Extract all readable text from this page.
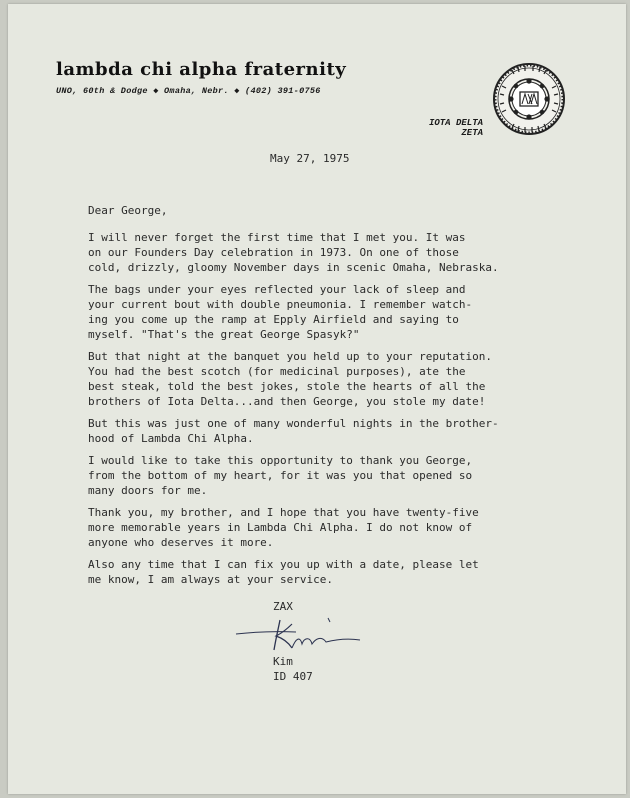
lambda chi alpha fraternity
UNO, 60th & Dodge ◆ Omaha, Nebr. ◆ (402) 391-0756
IOTA DELTA
ZETA
May 27, 1975
Dear George,
I will never forget the first time that I met you. It was
on our Founders Day celebration in 1973. On one of those
cold, drizzly, gloomy November days in scenic Omaha, Nebraska.
The bags under your eyes reflected your lack of sleep and
your current bout with double pneumonia. I remember watch-
ing you come up the ramp at Epply Airfield and saying to
myself. "That's the great George Spasyk?"
But that night at the banquet you held up to your reputation.
You had the best scotch (for medicinal purposes), ate the
best steak, told the best jokes, stole the hearts of all the
brothers of Iota Delta...and then George, you stole my date!
But this was just one of many wonderful nights in the brother-
hood of Lambda Chi Alpha.
I would like to take this opportunity to thank you George,
from the bottom of my heart, for it was you that opened so
many doors for me.
Thank you, my brother, and I hope that you have twenty-five
more memorable years in Lambda Chi Alpha. I do not know of
anyone who deserves it more.
Also any time that I can fix you up with a date, please let
me know, I am always at your service.
ZAX
Kim
ID 407
